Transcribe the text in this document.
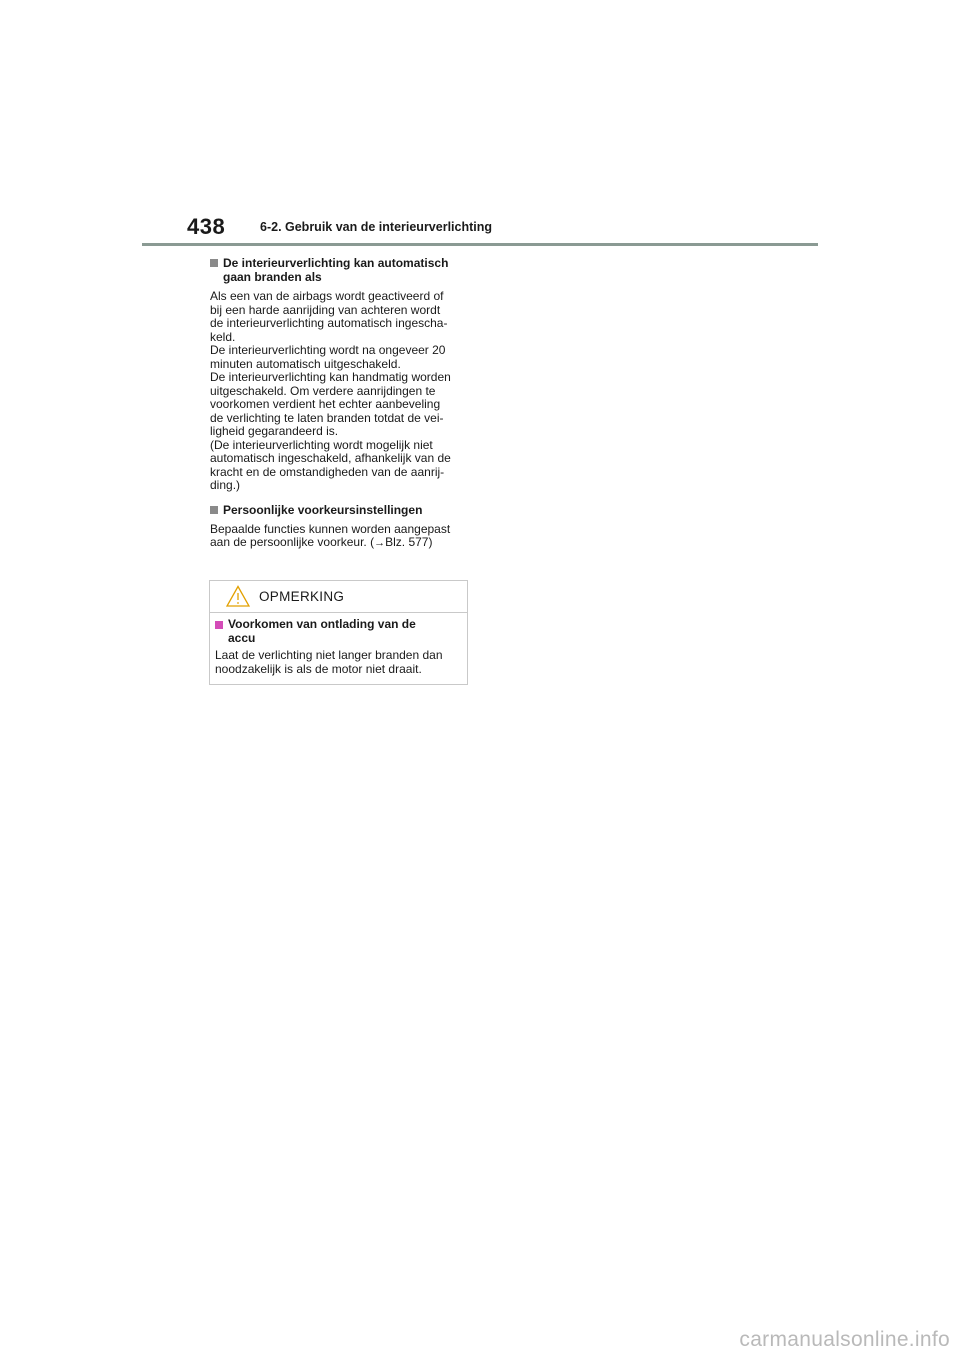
438	6-2. Gebruik van de interieurverlichting
De interieurverlichting kan automatisch
gaan branden als
Als een van de airbags wordt geactiveerd of
bij een harde aanrijding van achteren wordt
de interieurverlichting automatisch ingescha-
keld.
De interieurverlichting wordt na ongeveer 20
minuten automatisch uitgeschakeld.
De interieurverlichting kan handmatig worden
uitgeschakeld. Om verdere aanrijdingen te
voorkomen verdient het echter aanbeveling
de verlichting te laten branden totdat de vei-
ligheid gegarandeerd is.
(De interieurverlichting wordt mogelijk niet
automatisch ingeschakeld, afhankelijk van de
kracht en de omstandigheden van de aanrij-
ding.)
Persoonlijke voorkeursinstellingen
Bepaalde functies kunnen worden aangepast
aan de persoonlijke voorkeur. (→Blz. 577)
OPMERKING
Voorkomen van ontlading van de
accu
Laat de verlichting niet langer branden dan
noodzakelijk is als de motor niet draait.
carmanualsonline.info
